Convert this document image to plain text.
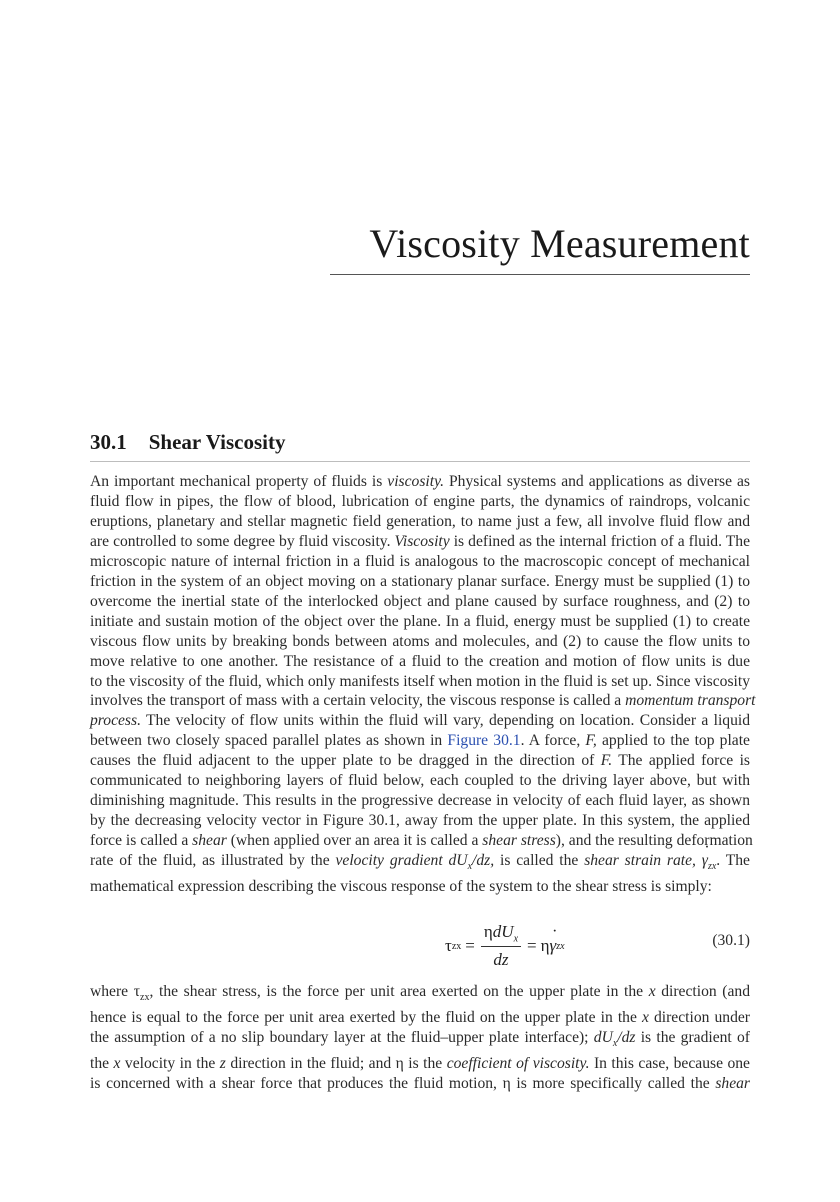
Viscosity Measurement
30.1 Shear Viscosity
An important mechanical property of fluids is viscosity. Physical systems and applications as diverse as
fluid flow in pipes, the flow of blood, lubrication of engine parts, the dynamics of raindrops, volcanic
eruptions, planetary and stellar magnetic field generation, to name just a few, all involve fluid flow and
are controlled to some degree by fluid viscosity. Viscosity is defined as the internal friction of a fluid. The
microscopic nature of internal friction in a fluid is analogous to the macroscopic concept of mechanical
friction in the system of an object moving on a stationary planar surface. Energy must be supplied (1) to
overcome the inertial state of the interlocked object and plane caused by surface roughness, and (2) to
initiate and sustain motion of the object over the plane. In a fluid, energy must be supplied (1) to create
viscous flow units by breaking bonds between atoms and molecules, and (2) to cause the flow units to
move relative to one another. The resistance of a fluid to the creation and motion of flow units is due
to the viscosity of the fluid, which only manifests itself when motion in the fluid is set up. Since viscosity
involves the transport of mass with a certain velocity, the viscous response is called a momentum transport
process. The velocity of flow units within the fluid will vary, depending on location. Consider a liquid
between two closely spaced parallel plates as shown in Figure 30.1. A force, F, applied to the top plate
causes the fluid adjacent to the upper plate to be dragged in the direction of F. The applied force is
communicated to neighboring layers of fluid below, each coupled to the driving layer above, but with
diminishing magnitude. This results in the progressive decrease in velocity of each fluid layer, as shown
by the decreasing velocity vector in Figure 30.1, away from the upper plate. In this system, the applied
force is called a shear (when applied over an area it is called a shear stress), and the resulting deformation
rate of the fluid, as illustrated by the velocity gradient $dU_x/dz$, is called the shear strain rate, · $\gamma_{zx}$. The
mathematical expression describing the viscous response of the system to the shear stress is simply:
τ zx = $\frac{\eta dU_x}{dz} = \eta \cdot \gamma$ zx	(30.1)
where $\tau_{zx}$, the shear stress, is the force per unit area exerted on the upper plate in the x direction (and
hence is equal to the force per unit area exerted by the fluid on the upper plate in the x direction under
the assumption of a no slip boundary layer at the fluid–upper plate interface); $dU_x/dz$ is the gradient of
the x velocity in the z direction in the fluid; and η is the coefficient of viscosity. In this case, because one
is concerned with a shear force that produces the fluid motion, η is more specifically called the shear
